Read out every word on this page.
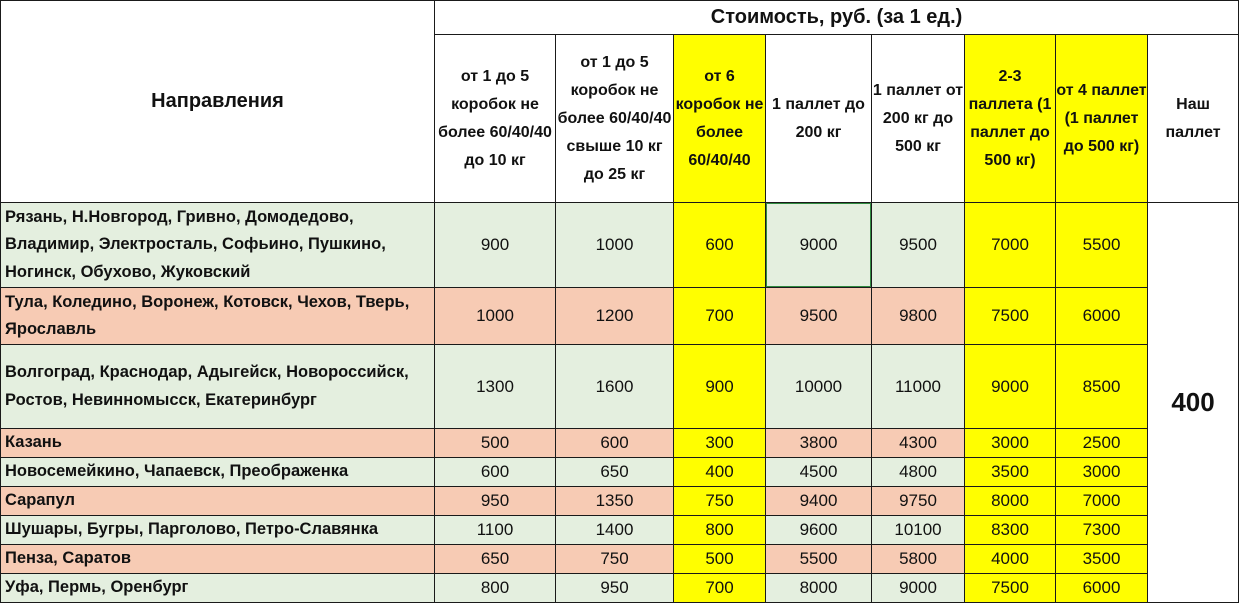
Направления	Стоимость, руб. (за 1 ед.)							
	от 1 до 5 коробок не более 60/40/40 до 10 кг	от 1 до 5 коробок не более 60/40/40 свыше 10 кг до 25 кг	от 6 коробок не более 60/40/40	1 паллет до 200 кг	1 паллет от 200 кг до 500 кг	2-3 паллета (1 паллет до 500 кг)	от 4 паллет (1 паллет до 500 кг)	Наш паллет
Рязань, Н.Новгород, Гривно, Домодедово, Владимир, Электросталь, Софьино, Пушкино, Ногинск, Обухово, Жуковский	900	1000	600	9000	9500	7000	5500	400
Тула, Коледино, Воронеж, Котовск, Чехов, Тверь, Ярославль	1000	1200	700	9500	9800	7500	6000	
Волгоград, Краснодар, Адыгейск, Новороссийск, Ростов, Невинномысск, Екатеринбург	1300	1600	900	10000	11000	9000	8500	
Казань	500	600	300	3800	4300	3000	2500	
Новосемейкино, Чапаевск, Преображенка	600	650	400	4500	4800	3500	3000	
Сарапул	950	1350	750	9400	9750	8000	7000	
Шушары, Бугры, Парголово, Петро-Славянка	1100	1400	800	9600	10100	8300	7300	
Пенза, Саратов	650	750	500	5500	5800	4000	3500	
Уфа, Пермь, Оренбург	800	950	700	8000	9000	7500	6000	
